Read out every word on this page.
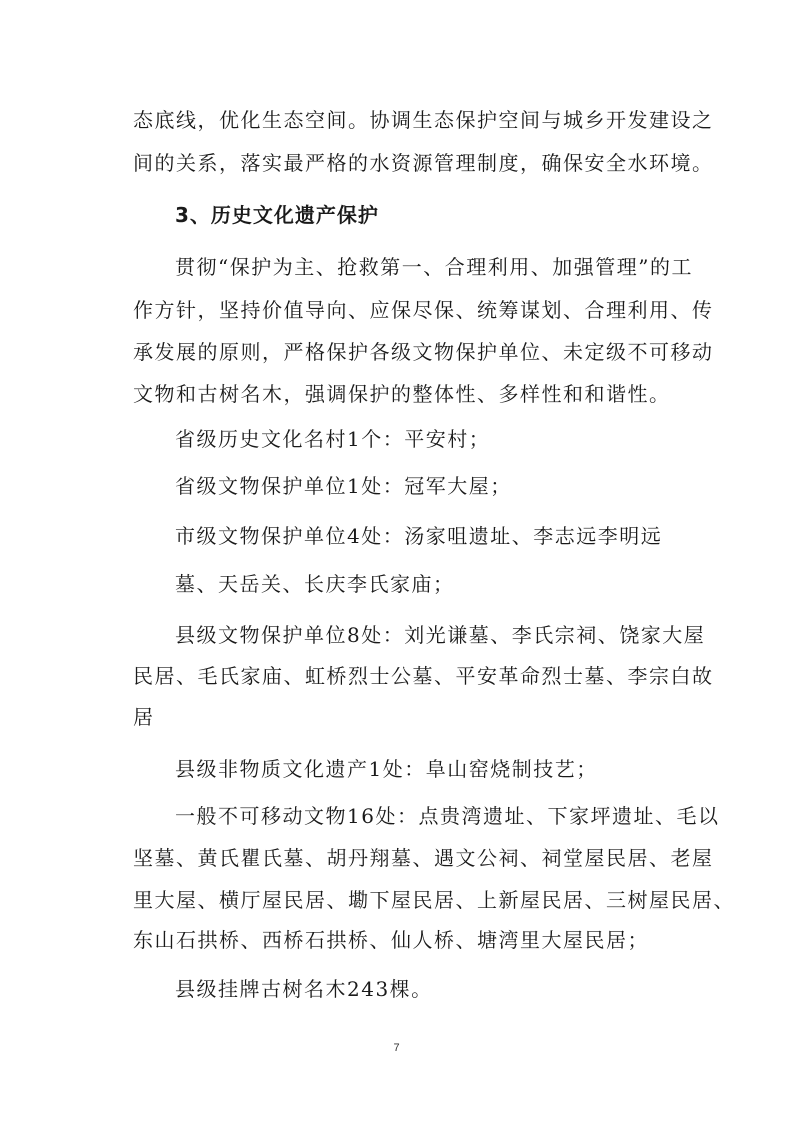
态底线，优化生态空间。协调生态保护空间与城乡开发建设之
间的关系，落实最严格的水资源管理制度，确保安全水环境。
3、历史文化遗产保护
贯彻“保护为主、抢救第一、合理利用、加强管理”的工
作方针，坚持价值导向、应保尽保、统筹谋划、合理利用、传
承发展的原则，严格保护各级文物保护单位、未定级不可移动
文物和古树名木，强调保护的整体性、多样性和和谐性。
省级历史文化名村1个：平安村；
省级文物保护单位1处：冠军大屋；
市级文物保护单位4处：汤家咀遗址、李志远李明远
墓、天岳关、长庆李氏家庙；
县级文物保护单位8处：刘光谦墓、李氏宗祠、饶家大屋
民居、毛氏家庙、虹桥烈士公墓、平安革命烈士墓、李宗白故
居
县级非物质文化遗产1处：阜山窑烧制技艺；
一般不可移动文物16处：点贵湾遗址、下家坪遗址、毛以
坚墓、黄氏瞿氏墓、胡丹翔墓、遇文公祠、祠堂屋民居、老屋
里大屋、横厅屋民居、墈下屋民居、上新屋民居、三树屋民居、
东山石拱桥、西桥石拱桥、仙人桥、塘湾里大屋民居；
县级挂牌古树名木243棵。
7
